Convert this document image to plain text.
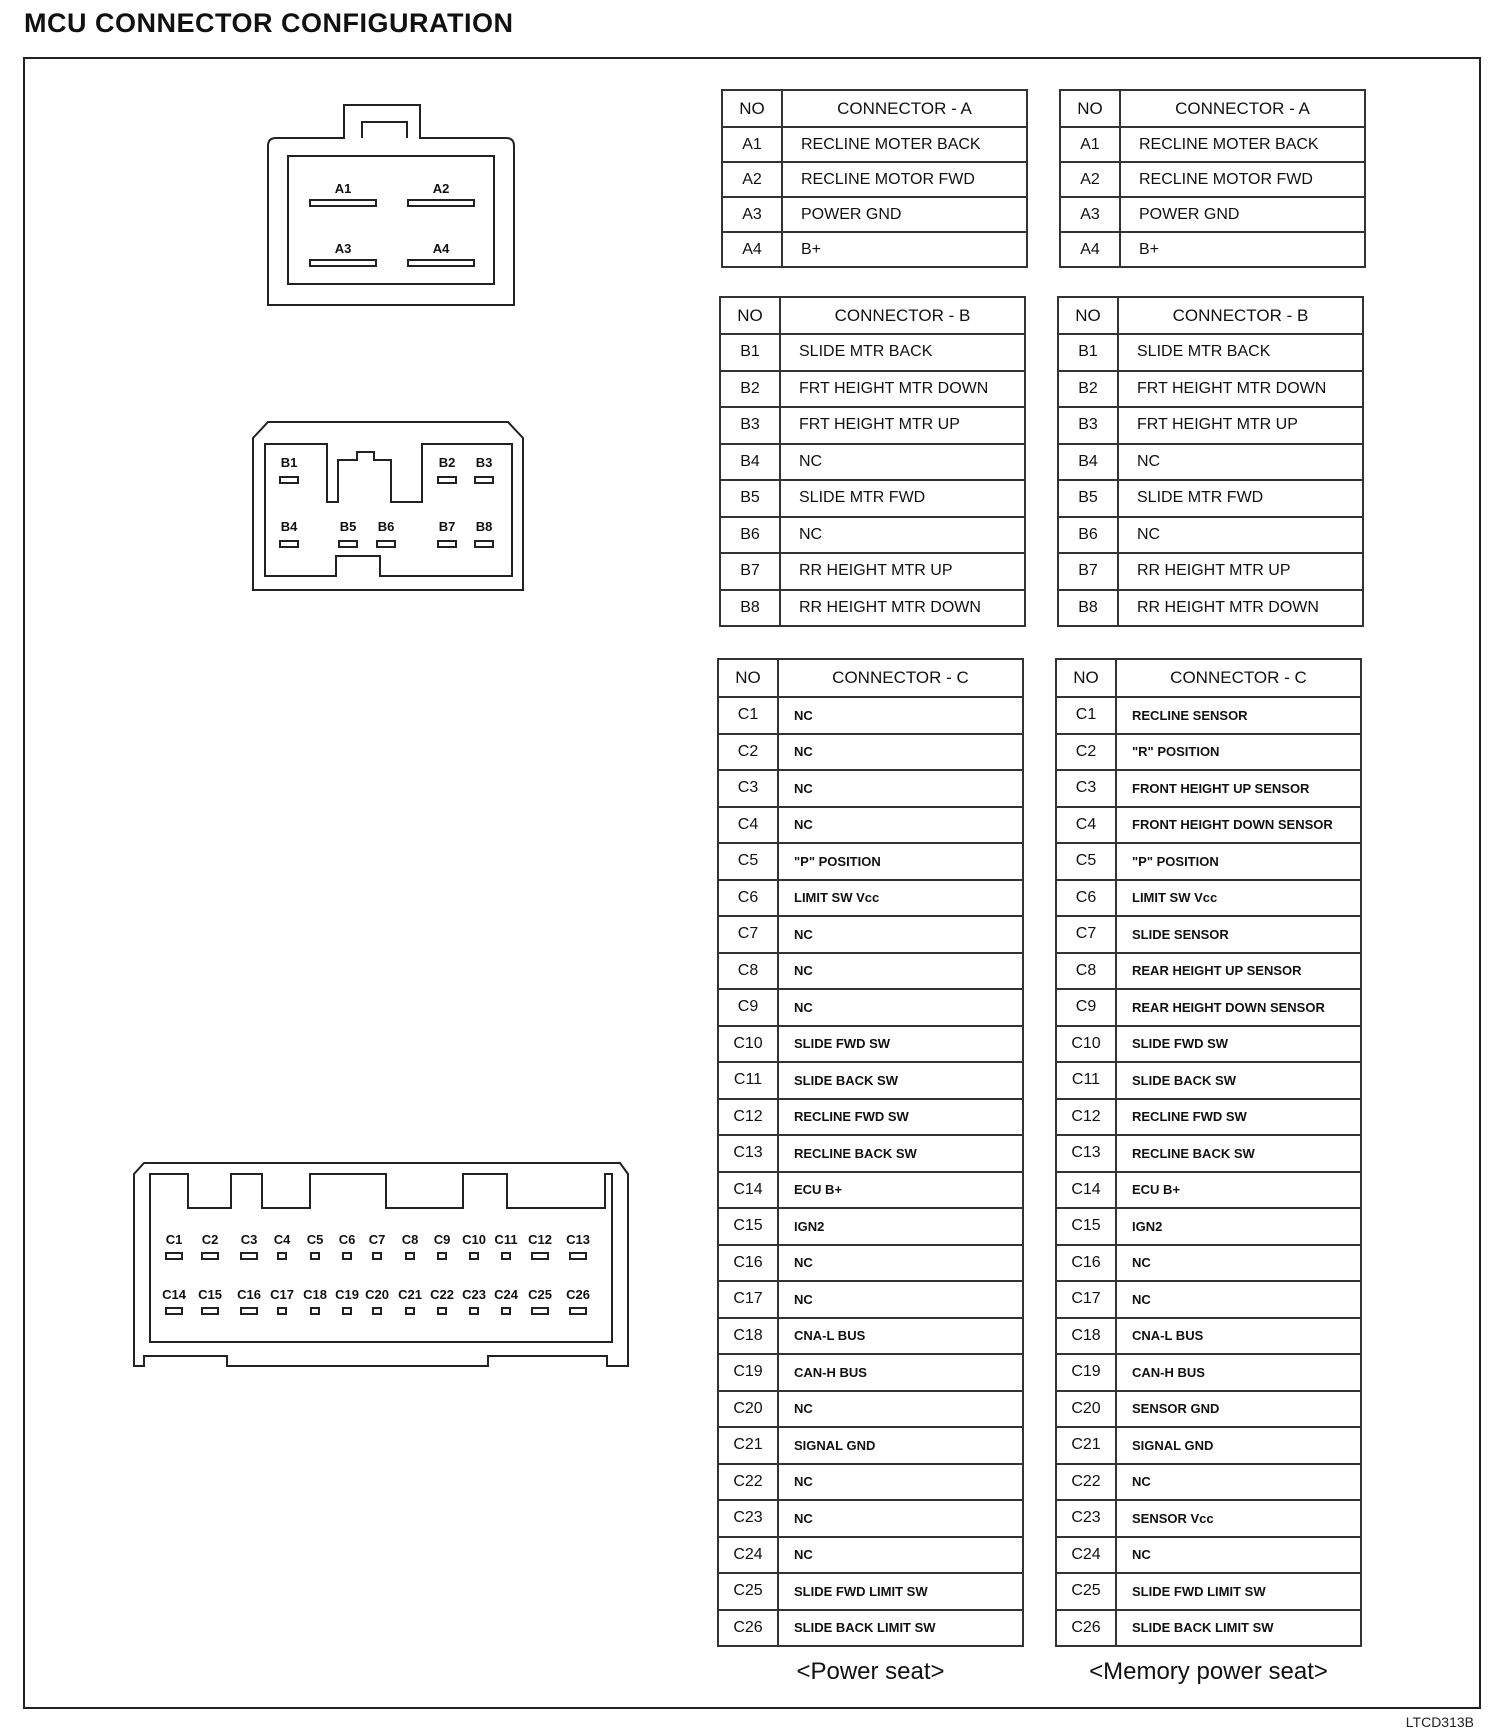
MCU CONNECTOR CONFIGURATION
A1	A2
A3	A4
B1	B2 B3
B4	B5 B6	B7 B8
C1
C14
C2
C15
C3
C16
C4
C17
C5
C18
C6
C19
C7
C20
C8
C21
C9
C22
C10
C23
C11
C24
C12
C25
C13
C26
NO	CONNECTOR - A
A1	RECLINE MOTER BACK
A2	RECLINE MOTOR FWD
A3	POWER GND
A4	B+
NO	CONNECTOR - B
B1	SLIDE MTR BACK
B2	FRT HEIGHT MTR DOWN
B3	FRT HEIGHT MTR UP
B4	NC
B5	SLIDE MTR FWD
B6	NC
B7	RR HEIGHT MTR UP
B8	RR HEIGHT MTR DOWN
NO	CONNECTOR - C
C1	NC
C2	NC
C3	NC
C4	NC
C5	"P" POSITION
C6	LIMIT SW Vcc
C7	NC
C8	NC
C9	NC
C10	SLIDE FWD SW
C11	SLIDE BACK SW
C12	RECLINE FWD SW
C13	RECLINE BACK SW
C14	ECU B+
C15	IGN2
C16	NC
C17	NC
C18	CNA-L BUS
C19	CAN-H BUS
C20	NC
C21	SIGNAL GND
C22	NC
C23	NC
C24	NC
C25	SLIDE FWD LIMIT SW
C26	SLIDE BACK LIMIT SW
NO	CONNECTOR - A
A1	RECLINE MOTER BACK
A2	RECLINE MOTOR FWD
A3	POWER GND
A4	B+
NO	CONNECTOR - B
B1	SLIDE MTR BACK
B2	FRT HEIGHT MTR DOWN
B3	FRT HEIGHT MTR UP
B4	NC
B5	SLIDE MTR FWD
B6	NC
B7	RR HEIGHT MTR UP
B8	RR HEIGHT MTR DOWN
NO	CONNECTOR - C
C1	RECLINE SENSOR
C2	"R" POSITION
C3	FRONT HEIGHT UP SENSOR
C4	FRONT HEIGHT DOWN SENSOR
C5	"P" POSITION
C6	LIMIT SW Vcc
C7	SLIDE SENSOR
C8	REAR HEIGHT UP SENSOR
C9	REAR HEIGHT DOWN SENSOR
C10	SLIDE FWD SW
C11	SLIDE BACK SW
C12	RECLINE FWD SW
C13	RECLINE BACK SW
C14	ECU B+
C15	IGN2
C16	NC
C17	NC
C18	CNA-L BUS
C19	CAN-H BUS
C20	SENSOR GND
C21	SIGNAL GND
C22	NC
C23	SENSOR Vcc
C24	NC
C25	SLIDE FWD LIMIT SW
C26	SLIDE BACK LIMIT SW
<Power seat>	<Memory power seat>
LTCD313B
